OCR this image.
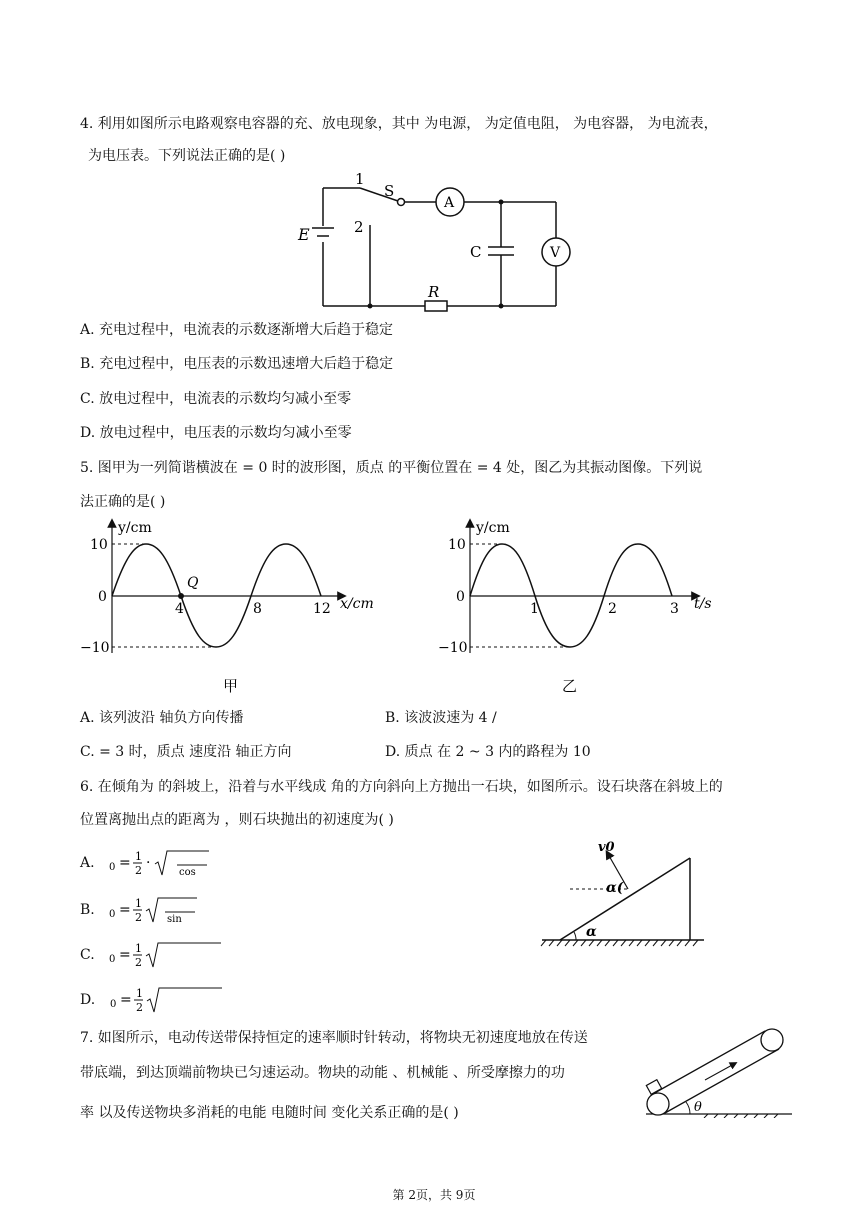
4. 利用如图所示电路观察电容器的充、放电现象，其中 为电源， 为定值电阻， 为电容器， 为电流表，
为电压表。下列说法正确的是( )
1
S
A
E	2
C	V
R
A. 充电过程中，电流表的示数逐渐增大后趋于稳定
B. 充电过程中，电压表的示数迅速增大后趋于稳定
C. 放电过程中，电流表的示数均匀减小至零
D. 放电过程中，电压表的示数均匀减小至零
5. 图甲为一列简谐横波在 = 0 时的波形图，质点 的平衡位置在 = 4 处，图乙为其振动图像。下列说
法正确的是( )
y/cm
x/cm
10
0
−10
4	8	12
Q
甲
y/cm
t/s
10
0
−10
1	2	3
乙
A. 该列波沿 轴负方向传播	B. 该波波速为 4 /
C. = 3 时，质点 速度沿 轴正方向	D. 质点 在 2 ~ 3 内的路程为 10
6. 在倾角为 的斜坡上，沿着与水平线成 角的方向斜向上方抛出一石块，如图所示。设石块落在斜坡上的
位置离抛出点的距离为 ，则石块抛出的初速度为( )
A. 0 = 1
2 ·
cos
B. 0 = 1
2	sin
C. 0 = 1
2
D. 0 = 1
2
v0
α(
α
7. 如图所示，电动传送带保持恒定的速率顺时针转动，将物块无初速度地放在传送
带底端，到达顶端前物块已匀速运动。物块的动能 、机械能 、所受摩擦力的功
率 以及传送物块多消耗的电能 电随时间 变化关系正确的是( )	θ
第 2页，共 9页
